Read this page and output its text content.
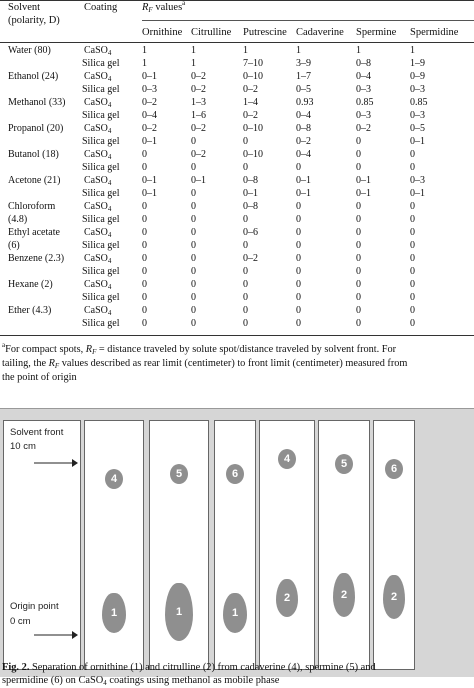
Solvent
(polarity, D)
Coating $R_F$ values$^a$
Ornithine Citrulline Putrescine Cadaverine Spermine Spermidine
Water (80)	CaSO$_4$	1	1	1	1	1	1
Silica gel 1	1	7–10	3–9	0–8	1–9
Ethanol (24)	CaSO$_4$	0–1	0–2	0–10	1–7	0–4	0–9
Silica gel 0–3	0–2	0–2	0–5	0–3	0–3
Methanol (33) CaSO$_4$	0–2	1–3	1–4	0.93	0.85	0.85
Silica gel 0–4	1–6	0–2	0–4	0–3	0–3
Propanol (20) CaSO$_4$	0–2	0–2	0–10	0–8	0–2	0–5
Silica gel 0–1	0	0	0–2	0	0–1
Butanol (18)	CaSO$_4$	0	0–2	0–10	0–4	0	0
Silica gel 0	0	0	0	0	0
Acetone (21) CaSO$_4$	0–1	0–1	0–8	0–1	0–1	0–3
Silica gel 0–1	0	0–1	0–1	0–1	0–1
Chloroform	CaSO$_4$	0	0	0–8	0	0	0
(4.8)	Silica gel 0	0	0	0	0	0
Ethyl acetate CaSO$_4$	0	0	0–6	0	0	0
(6)	Silica gel 0	0	0	0	0	0
Benzene (2.3) CaSO$_4$	0	0	0–2	0	0	0
Silica gel 0	0	0	0	0	0
Hexane (2)	CaSO$_4$	0	0	0	0	0	0
Silica gel 0	0	0	0	0	0
Ether (4.3)	CaSO$_4$	0	0	0	0	0	0
Silica gel 0	0	0	0	0	0
$^a$For compact spots, $R_F$ = distance traveled by solute spot/distance traveled by solvent front. For
tailing, the $R_F$ values described as rear limit (centimeter) to front limit (centimeter) measured from
the point of origin
Solvent front
10 cm
Origin point
0 cm
4
1
5
1
6
1
4
2
5
2
6
2
Fig. 2. Separation of ornithine (1) and citrulline (2) from cadaverine (4), spermine (5) and
spermidine (6) on CaSO$_4$ coatings using methanol as mobile phase
